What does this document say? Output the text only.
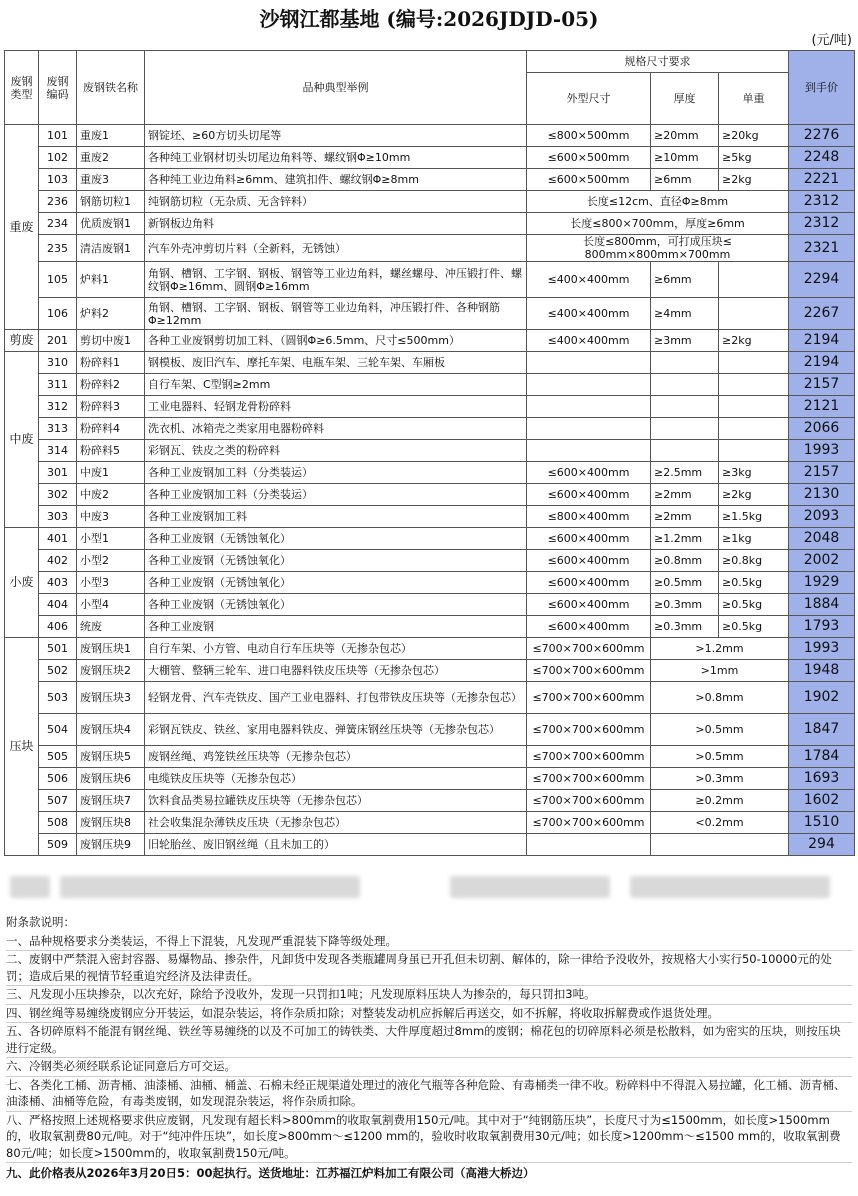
沙钢江都基地 (编号:2026JDJD-05)
(元/吨)
废钢类型	废钢编码	废钢铁名称	品种典型举例	规格尺寸要求			到手价
				外型尺寸	厚度	单重	
重废	101	重废1	钢锭坯、≥60方切头切尾等	≤800×500mm	≥20mm	≥20kg	2276
	102	重废2	各种纯工业钢材切头切尾边角料等、螺纹钢Φ≥10mm	≤600×500mm	≥10mm	≥5kg	2248
	103	重废3	各种纯工业边角料≥6mm、建筑扣件、螺纹钢Φ≥8mm	≤600×500mm	≥6mm	≥2kg	2221
	236	钢筋切粒1	纯钢筋切粒（无杂质、无含锌料）	长度≤12cm、直径Φ≥8mm			2312
	234	优质废钢1	新钢板边角料	长度≤800×700mm，厚度≥6mm			2312
	235	清洁废钢1	汽车外壳冲剪切片料（全新料，无锈蚀）	长度≤800mm，可打成压块≤ 800mm×800mm×700mm			2321
	105	炉料1	角钢、槽钢、工字钢、钢板、钢管等工业边角料，螺丝螺母、冲压锻打件、螺纹钢Φ≥16mm、圆钢Φ≥16mm	≤400×400mm	≥6mm		2294
	106	炉料2	角钢、槽钢、工字钢、钢板、钢管等工业边角料，冲压锻打件、各种钢筋Φ≥12mm	≤400×400mm	≥4mm		2267
剪废	201	剪切中废1	各种工业废钢剪切加工料、（圆钢Φ≥6.5mm、尺寸≤500mm）	≤400×400mm	≥3mm	≥2kg	2194
中废	310	粉碎料1	钢模板、废旧汽车、摩托车架、电瓶车架、三轮车架、车厢板				2194
	311	粉碎料2	自行车架、C型钢≥2mm				2157
	312	粉碎料3	工业电器料、轻钢龙骨粉碎料				2121
	313	粉碎料4	洗衣机、冰箱壳之类家用电器粉碎料				2066
	314	粉碎料5	彩钢瓦、铁皮之类的粉碎料				1993
	301	中废1	各种工业废钢加工料（分类装运）	≤600×400mm	≥2.5mm	≥3kg	2157
	302	中废2	各种工业废钢加工料（分类装运）	≤600×400mm	≥2mm	≥2kg	2130
	303	中废3	各种工业废钢加工料	≤800×400mm	≥2mm	≥1.5kg	2093
小废	401	小型1	各种工业废钢（无锈蚀氧化）	≤600×400mm	≥1.2mm	≥1kg	2048
	402	小型2	各种工业废钢（无锈蚀氧化）	≤600×400mm	≥0.8mm	≥0.8kg	2002
	403	小型3	各种工业废钢（无锈蚀氧化）	≤600×400mm	≥0.5mm	≥0.5kg	1929
	404	小型4	各种工业废钢（无锈蚀氧化）	≤600×400mm	≥0.3mm	≥0.5kg	1884
	406	统废	各种工业废钢	≤600×400mm	≥0.3mm	≥0.5kg	1793
压块	501	废钢压块1	自行车架、小方管、电动自行车压块等（无掺杂包芯）	≤700×700×600mm	>1.2mm		1993
	502	废钢压块2	大棚管、整辆三轮车、进口电器料铁皮压块等（无掺杂包芯）	≤700×700×600mm	>1mm		1948
	503	废钢压块3	轻钢龙骨、汽车壳铁皮、国产工业电器料、打包带铁皮压块等（无掺杂包芯）	≤700×700×600mm	>0.8mm		1902
	504	废钢压块4	彩钢瓦铁皮、铁丝、家用电器料铁皮、弹簧床钢丝压块等（无掺杂包芯）	≤700×700×600mm	>0.5mm		1847
	505	废钢压块5	废钢丝绳、鸡笼铁丝压块等（无掺杂包芯）	≤700×700×600mm	>0.5mm		1784
	506	废钢压块6	电缆铁皮压块等（无掺杂包芯）	≤700×700×600mm	>0.3mm		1693
	507	废钢压块7	饮料食品类易拉罐铁皮压块等（无掺杂包芯）	≤700×700×600mm	≥0.2mm		1602
	508	废钢压块8	社会收集混杂薄铁皮压块（无掺杂包芯）	≤700×700×600mm	<0.2mm		1510
	509	废钢压块9	旧轮胎丝、废旧钢丝绳（且未加工的）				294

附条款说明：

一、品种规格要求分类装运，不得上下混装，凡发现严重混装下降等级处理。

二、废钢中严禁混入密封容器、易爆物品、掺杂件，凡卸货中发现各类瓶罐周身虽已开孔但未切割、解体的，除一律给予没收外，按规格大小实行50-10000元的处罚；造成后果的视情节轻重追究经济及法律责任。

三、凡发现小压块掺杂，以次充好，除给予没收外，发现一只罚扣1吨；凡发现原料压块人为掺杂的，每只罚扣3吨。

四、钢丝绳等易缠绕废钢应分开装运，如混杂装运，将作杂质扣除；对整装发动机应拆解后再送交，如不拆解，将收取拆解费或作退货处理。

五、各切碎原料不能混有钢丝绳、铁丝等易缠绕的以及不可加工的铸铁类、大件厚度超过8mm的废钢；棉花包的切碎原料必须是松散料，如为密实的压块，则按压块进行定级。

六、冷钢类必须经联系论证同意后方可交运。

七、各类化工桶、沥青桶、油漆桶、油桶、桶盖、石棉未经正规渠道处理过的液化气瓶等各种危险、有毒桶类一律不收。粉碎料中不得混入易拉罐，化工桶、沥青桶、油漆桶、油桶等危险，有毒类废钢，如发现混杂装运，将作杂质扣除。

八、严格按照上述规格要求供应废钢，凡发现有超长料>800mm的收取氧割费用150元/吨。其中对于“纯钢筋压块”，长度尺寸为≤1500mm，如长度>1500mm的，收取氧割费80元/吨。对于“纯冲件压块”，如长度>800mm～≤1200 mm的，验收时收取氧割费用30元/吨；如长度>1200mm～≤1500 mm的，收取氧割费80元/吨；如长度>1500mm的，收取氧割费150元/吨。

九、此价格表从2026年3月20日5：00起执行。送货地址：江苏福江炉料加工有限公司（高港大桥边）
